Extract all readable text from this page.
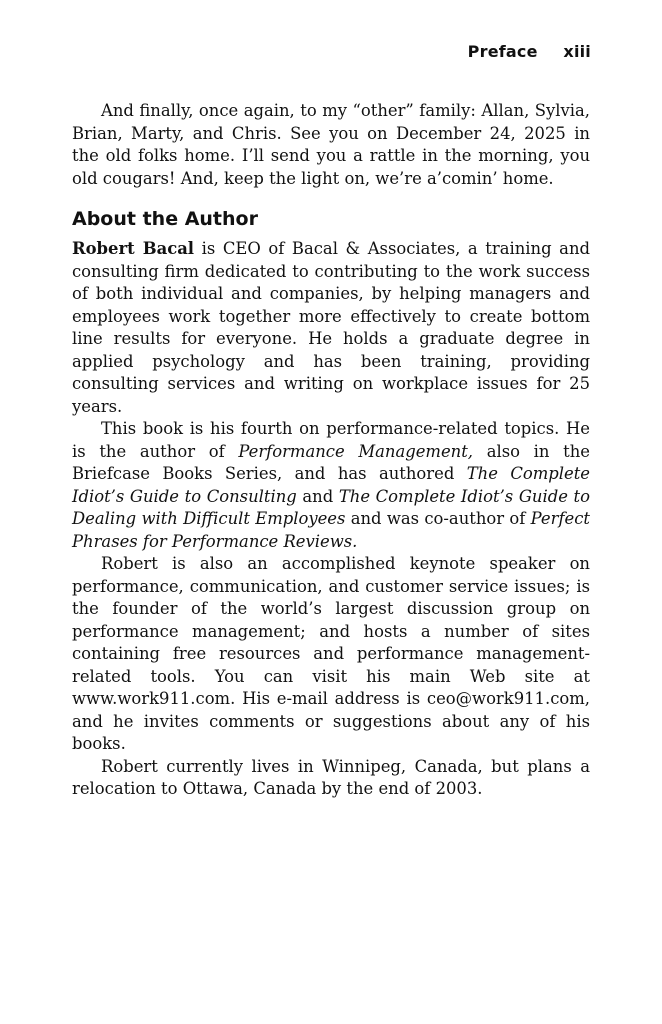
Preface xiii

And finally, once again, to my “other” family: Allan, Sylvia, Brian, Marty, and Chris. See you on December 24, 2025 in the old folks home. I’ll send you a rattle in the morning, you old cougars! And, keep the light on, we’re a’comin’ home.

About the Author

Robert Bacal is CEO of Bacal & Associates, a training and consulting firm dedicated to contributing to the work success of both individual and companies, by helping managers and employees work together more effectively to create bottom line results for everyone. He holds a graduate degree in applied psychology and has been training, providing consulting services and writing on workplace issues for 25 years.

This book is his fourth on performance-related topics. He is the author of Performance Management, also in the Briefcase Books Series, and has authored The Complete Idiot’s Guide to Consulting and The Complete Idiot’s Guide to Dealing with Difficult Employees and was co-author of Perfect Phrases for Performance Reviews.

Robert is also an accomplished keynote speaker on performance, communication, and customer service issues; is the founder of the world’s largest discussion group on performance management; and hosts a number of sites containing free resources and performance management-related tools. You can visit his main Web site at www.work911.com. His e-mail address is ceo@work911.com, and he invites comments or suggestions about any of his books.

Robert currently lives in Winnipeg, Canada, but plans a relocation to Ottawa, Canada by the end of 2003.
